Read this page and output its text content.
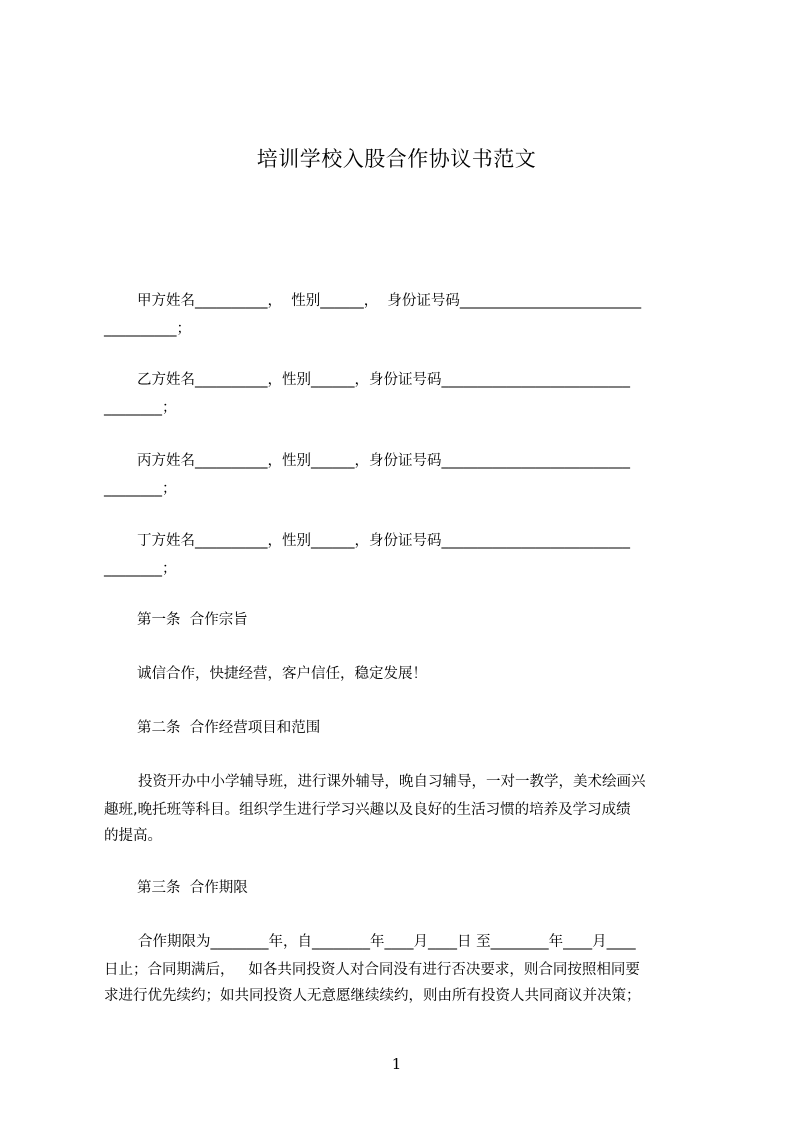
培训学校入股合作协议书范文
甲方姓名__________，  性别______，  身份证号码_________________________
__________；
乙方姓名__________，性别______，身份证号码__________________________
________；
丙方姓名__________，性别______，身份证号码__________________________
________；
丁方姓名__________，性别______，身份证号码__________________________
________；
第一条  合作宗旨
诚信合作，快捷经营，客户信任，稳定发展！
第二条  合作经营项目和范围
投资开办中小学辅导班，进行课外辅导，晚自习辅导，一对一教学，美术绘画兴
趣班,晚托班等科目。组织学生进行学习兴趣以及良好的生活习惯的培养及学习成绩
的提高。
第三条  合作期限
合作期限为________年，自________年____月____日 至________年____月____
日止；合同期满后，   如各共同投资人对合同没有进行否决要求，则合同按照相同要
求进行优先续约；如共同投资人无意愿继续续约，则由所有投资人共同商议并决策；
1
